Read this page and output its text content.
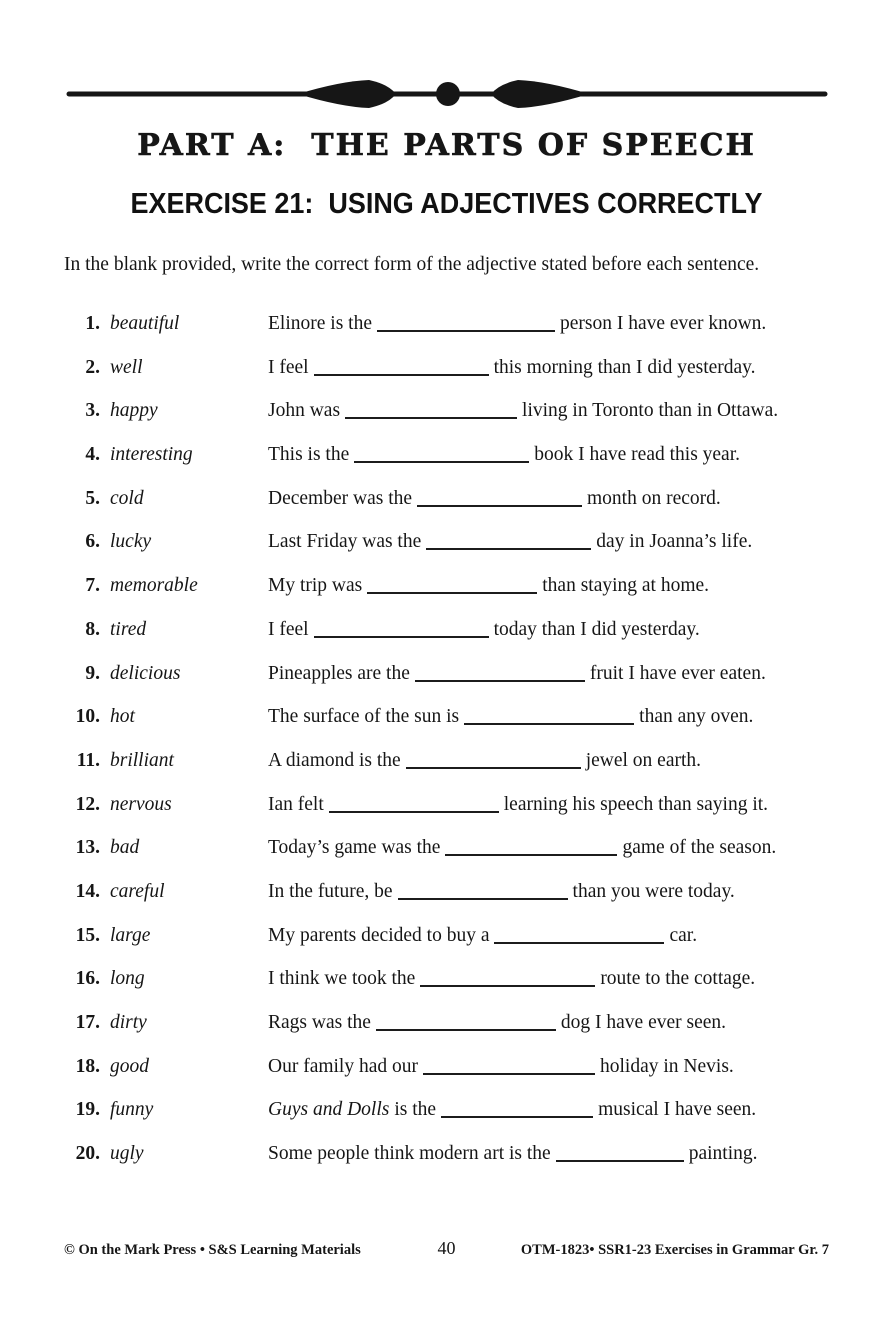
PART A:  THE PARTS OF SPEECH
EXERCISE 21:  USING ADJECTIVES CORRECTLY

In the blank provided, write the correct form of the adjective stated before each sentence.

1. beautiful	Elinore is the	person I have ever known.
2. well	I feel	this morning than I did yesterday.
3. happy	John was	living in Toronto than in Ottawa.
4. interesting	This is the	book I have read this year.
5. cold	December was the	month on record.
6. lucky	Last Friday was the	day in Joanna’s life.
7. memorable	My trip was	than staying at home.
8. tired	I feel	today than I did yesterday.
9. delicious	Pineapples are the	fruit I have ever eaten.
10. hot	The surface of the sun is	than any oven.
11. brilliant	A diamond is the	jewel on earth.
12. nervous	Ian felt	learning his speech than saying it.
13. bad	Today’s game was the	game of the season.
14. careful	In the future, be	than you were today.
15. large	My parents decided to buy a	car.
16. long	I think we took the	route to the cottage.
17. dirty	Rags was the	dog I have ever seen.
18. good	Our family had our	holiday in Nevis.
19. funny	Guys and Dolls is the	musical I have seen.
20. ugly	Some people think modern art is the	painting.
© On the Mark Press • S&S Learning Materials	40	OTM-1823• SSR1-23 Exercises in Grammar Gr. 7
